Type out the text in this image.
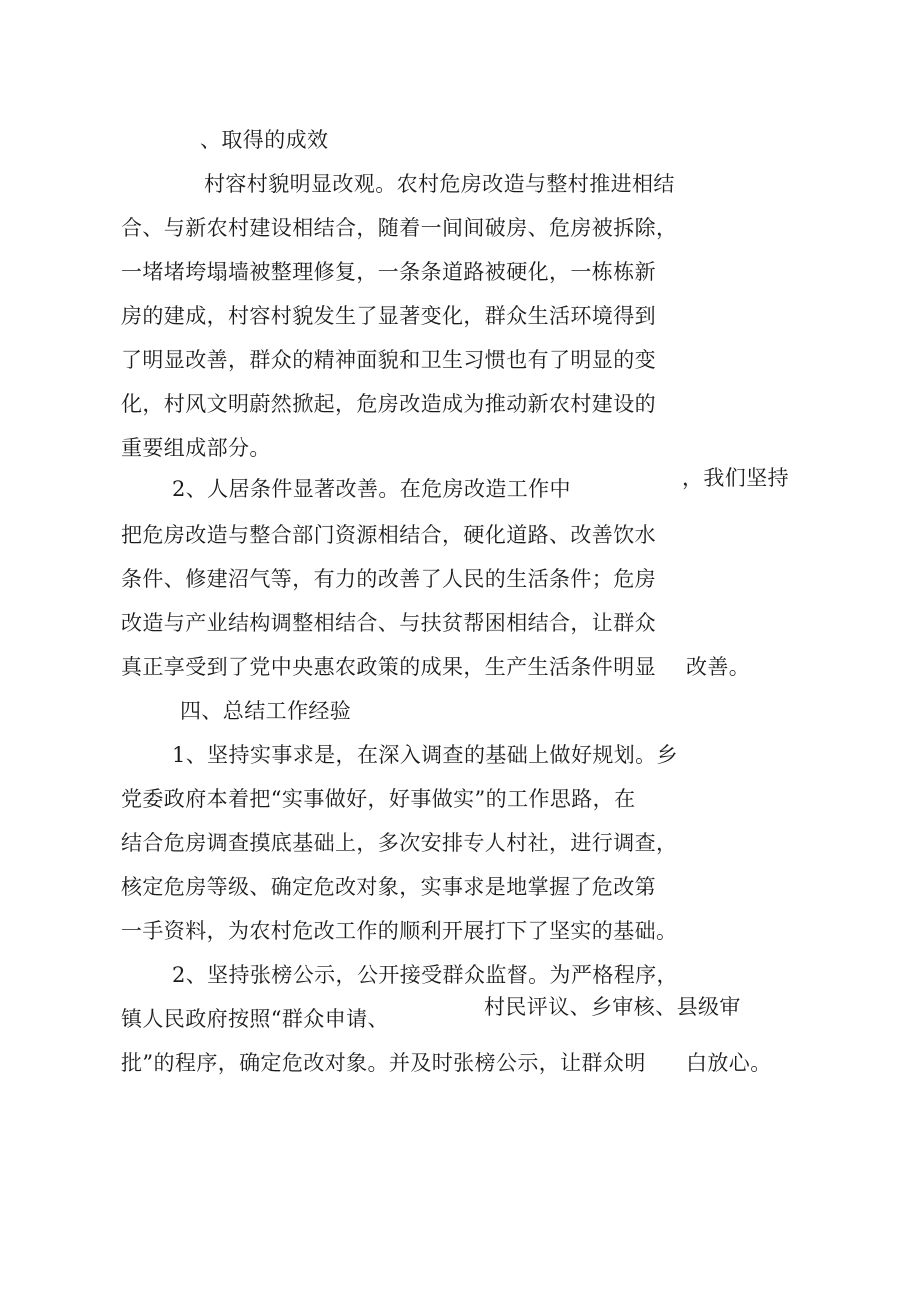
、取得的成效
村容村貌明显改观。农村危房改造与整村推进相结
合、与新农村建设相结合，随着一间间破房、危房被拆除，
一堵堵垮塌墙被整理修复，一条条道路被硬化，一栋栋新
房的建成，村容村貌发生了显著变化，群众生活环境得到
了明显改善，群众的精神面貌和卫生习惯也有了明显的变
化，村风文明蔚然掀起，危房改造成为推动新农村建设的
重要组成部分。
2、人居条件显著改善。在危房改造工作中	，我们坚持
把危房改造与整合部门资源相结合，硬化道路、改善饮水
条件、修建沼气等，有力的改善了人民的生活条件；危房
改造与产业结构调整相结合、与扶贫帮困相结合，让群众
真正享受到了党中央惠农政策的成果，生产生活条件明显 改善。
四、总结工作经验
1、坚持实事求是，在深入调查的基础上做好规划。乡
党委政府本着把“实事做好，好事做实”的工作思路，在
结合危房调查摸底基础上，多次安排专人村社，进行调查，
核定危房等级、确定危改对象，实事求是地掌握了危改第
一手资料，为农村危改工作的顺利开展打下了坚实的基础。
2、坚持张榜公示，公开接受群众监督。为严格程序，
镇人民政府按照“群众申请、	村民评议、乡审核、县级审
批”的程序，确定危改对象。并及时张榜公示，让群众明 白放心。
